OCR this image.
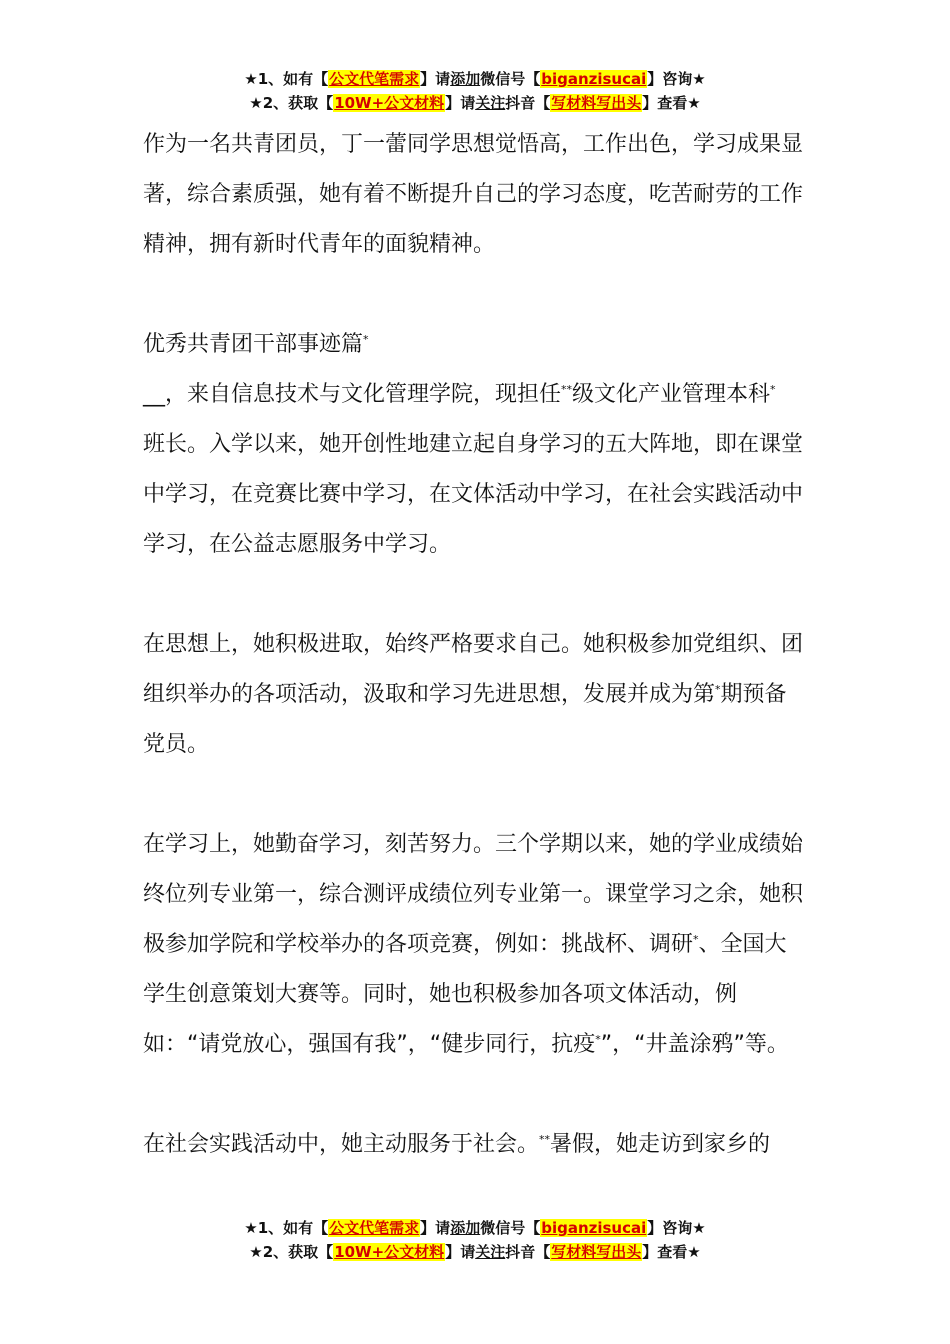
★1、如有【公文代笔需求】请添加微信号【biganzisucai】咨询★
★2、获取【10W+公文材料】请关注抖音【写材料写出头】查看★

作为一名共青团员，丁一蕾同学思想觉悟高，工作出色，学习成果显著，综合素质强，她有着不断提升自己的学习态度，吃苦耐劳的工作精神，拥有新时代青年的面貌精神。

优秀共青团干部事迹篇*

__，来自信息技术与文化管理学院，现担任**级文化产业管理本科*
班长。入学以来，她开创性地建立起自身学习的五大阵地，即在课堂中学习，在竞赛比赛中学习，在文体活动中学习，在社会实践活动中学习，在公益志愿服务中学习。

在思想上，她积极进取，始终严格要求自己。她积极参加党组织、团组织举办的各项活动，汲取和学习先进思想，发展并成为第*期预备党员。

在学习上，她勤奋学习，刻苦努力。三个学期以来，她的学业成绩始终位列专业第一，综合测评成绩位列专业第一。课堂学习之余，她积极参加学院和学校举办的各项竞赛，例如：挑战杯、调研*、全国大学生创意策划大赛等。同时，她也积极参加各项文体活动，例如：“请党放心，强国有我”，“健步同行，抗疫*”，“井盖涂鸦”等。

在社会实践活动中，她主动服务于社会。**暑假，她走访到家乡的

★1、如有【公文代笔需求】请添加微信号【biganzisucai】咨询★
★2、获取【10W+公文材料】请关注抖音【写材料写出头】查看★
